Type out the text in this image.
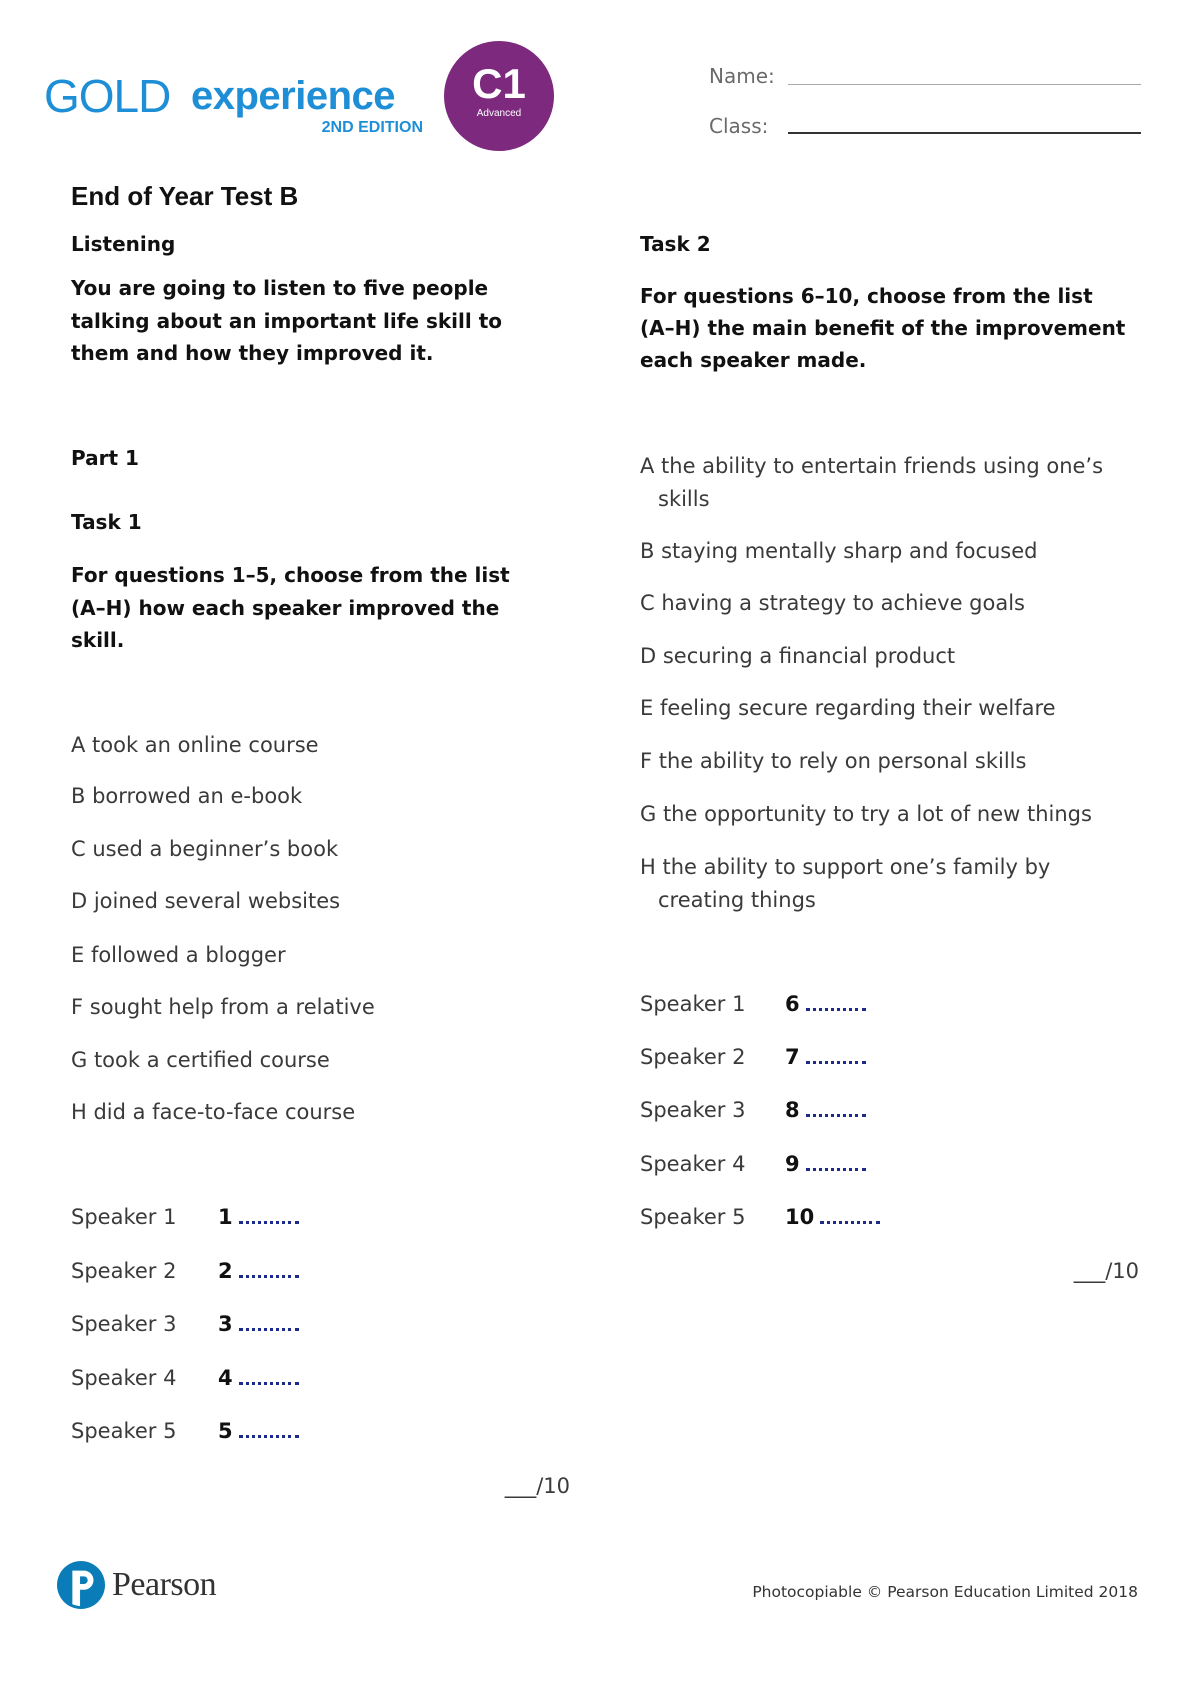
GOLD experience
2ND EDITION
C1
Advanced
Name:
Class:
End of Year Test B
Listening
You are going to listen to five people
talking about an important life skill to
them and how they improved it.
Part 1
Task 1
For questions 1–5, choose from the list
(A–H) how each speaker improved the
skill.
A took an online course
B borrowed an e-book
C used a beginner’s book
D joined several websites
E followed a blogger
F sought help from a relative
G took a certified course
H did a face-to-face course
Speaker 1 1
Speaker 2 2
Speaker 3 3
Speaker 4 4
Speaker 5 5
___/10
Task 2
For questions 6–10, choose from the list
(A–H) the main benefit of the improvement
each speaker made.
A the ability to entertain friends using one’s
skills
B staying mentally sharp and focused
C having a strategy to achieve goals
D securing a financial product
E feeling secure regarding their welfare
F the ability to rely on personal skills
G the opportunity to try a lot of new things
H the ability to support one’s family by
creating things
Speaker 1 6
Speaker 2 7
Speaker 3 8
Speaker 4 9
Speaker 5 10
___/10
Pearson	Photocopiable © Pearson Education Limited 2018
